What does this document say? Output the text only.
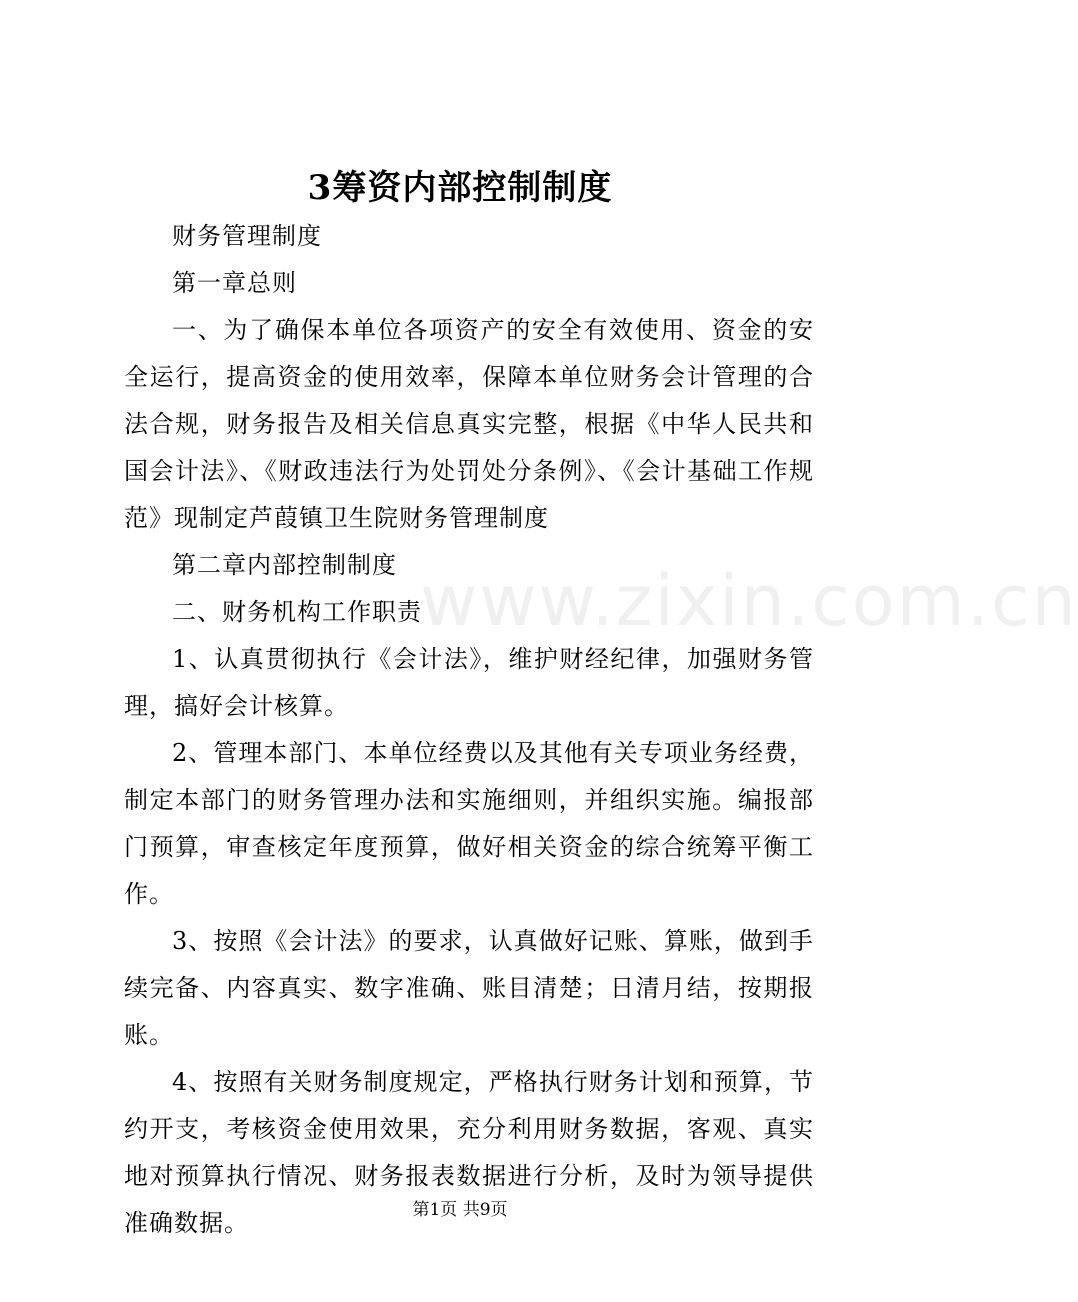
www.zixin.com.cn
3筹资内部控制制度

财务管理制度

第一章总则

一、为了确保本单位各项资产的安全有效使用、资金的安全运行，提高资金的使用效率，保障本单位财务会计管理的合法合规，财务报告及相关信息真实完整，根据《中华人民共和国会计法》、《财政违法行为处罚处分条例》、《会计基础工作规范》现制定芦葭镇卫生院财务管理制度

第二章内部控制制度

二、财务机构工作职责

1、认真贯彻执行《会计法》，维护财经纪律，加强财务管理，搞好会计核算。

2、管理本部门、本单位经费以及其他有关专项业务经费，制定本部门的财务管理办法和实施细则，并组织实施。编报部门预算，审查核定年度预算，做好相关资金的综合统筹平衡工作。

3、按照《会计法》的要求，认真做好记账、算账，做到手续完备、内容真实、数字准确、账目清楚；日清月结，按期报账。

4、按照有关财务制度规定，严格执行财务计划和预算，节约开支，考核资金使用效果，充分利用财务数据，客观、真实地对预算执行情况、财务报表数据进行分析，及时为领导提供准确数据。	第1页 共9页
